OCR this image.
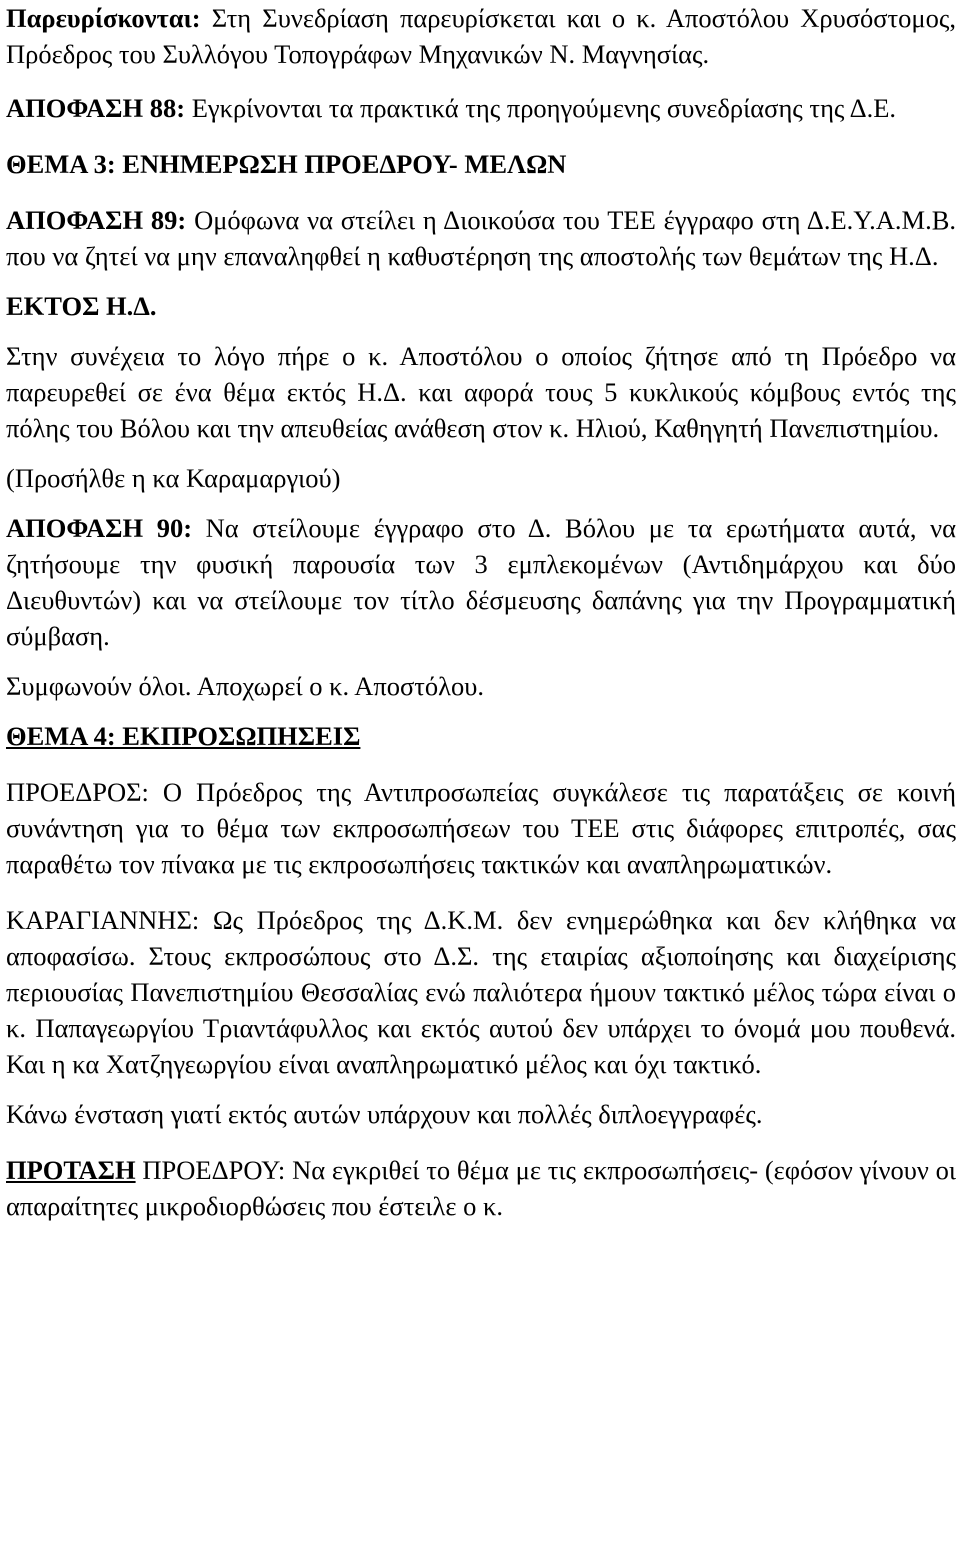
Παρευρίσκονται: Στη Συνεδρίαση παρευρίσκεται και ο κ. Αποστόλου Χρυσόστομος, Πρόεδρος του Συλλόγου Τοπογράφων Μηχανικών Ν. Μαγνησίας.

ΑΠΟΦΑΣΗ 88: Εγκρίνονται τα πρακτικά της προηγούμενης συνεδρίασης της Δ.Ε.

ΘΕΜΑ 3: ΕΝΗΜΕΡΩΣΗ ΠΡΟΕΔΡΟΥ- ΜΕΛΩΝ

ΑΠΟΦΑΣΗ 89: Ομόφωνα να στείλει η Διοικούσα του ΤΕΕ έγγραφο στη Δ.Ε.Υ.Α.Μ.Β. που να ζητεί να μην επαναληφθεί η καθυστέρηση της αποστολής των θεμάτων της Η.Δ.

ΕΚΤΟΣ Η.Δ.

Στην συνέχεια το λόγο πήρε ο κ. Αποστόλου ο οποίος ζήτησε από τη Πρόεδρο να παρευρεθεί σε ένα θέμα εκτός Η.Δ. και αφορά τους 5 κυκλικούς κόμβους εντός της πόλης του Βόλου και την απευθείας ανάθεση στον κ. Ηλιού, Καθηγητή Πανεπιστημίου.

(Προσήλθε η κα Καραμαργιού)

ΑΠΟΦΑΣΗ 90: Να στείλουμε έγγραφο στο Δ. Βόλου με τα ερωτήματα αυτά, να ζητήσουμε την φυσική παρουσία των 3 εμπλεκομένων (Αντιδημάρχου και δύο Διευθυντών) και να στείλουμε τον τίτλο δέσμευσης δαπάνης για την Προγραμματική σύμβαση.

Συμφωνούν όλοι. Αποχωρεί ο κ. Αποστόλου.

ΘΕΜΑ 4: ΕΚΠΡΟΣΩΠΗΣΕΙΣ

ΠΡΟΕΔΡΟΣ: Ο Πρόεδρος της Αντιπροσωπείας συγκάλεσε τις παρατάξεις σε κοινή συνάντηση για το θέμα των εκπροσωπήσεων του ΤΕΕ στις διάφορες επιτροπές, σας παραθέτω τον πίνακα με τις εκπροσωπήσεις τακτικών και αναπληρωματικών.

ΚΑΡΑΓΙΑΝΝΗΣ: Ως Πρόεδρος της Δ.Κ.Μ. δεν ενημερώθηκα και δεν κλήθηκα να αποφασίσω. Στους εκπροσώπους στο Δ.Σ. της εταιρίας αξιοποίησης και διαχείρισης περιουσίας Πανεπιστημίου Θεσσαλίας ενώ παλιότερα ήμουν τακτικό μέλος τώρα είναι ο κ. Παπαγεωργίου Τριαντάφυλλος και εκτός αυτού δεν υπάρχει το όνομά μου πουθενά. Και η κα Χατζηγεωργίου είναι αναπληρωματικό μέλος και όχι τακτικό.

Κάνω ένσταση γιατί εκτός αυτών υπάρχουν και πολλές διπλοεγγραφές.

ΠΡΟΤΑΣΗ ΠΡΟΕΔΡΟΥ: Να εγκριθεί το θέμα με τις εκπροσωπήσεις- (εφόσον γίνουν οι απαραίτητες μικροδιορθώσεις που έστειλε ο κ.
